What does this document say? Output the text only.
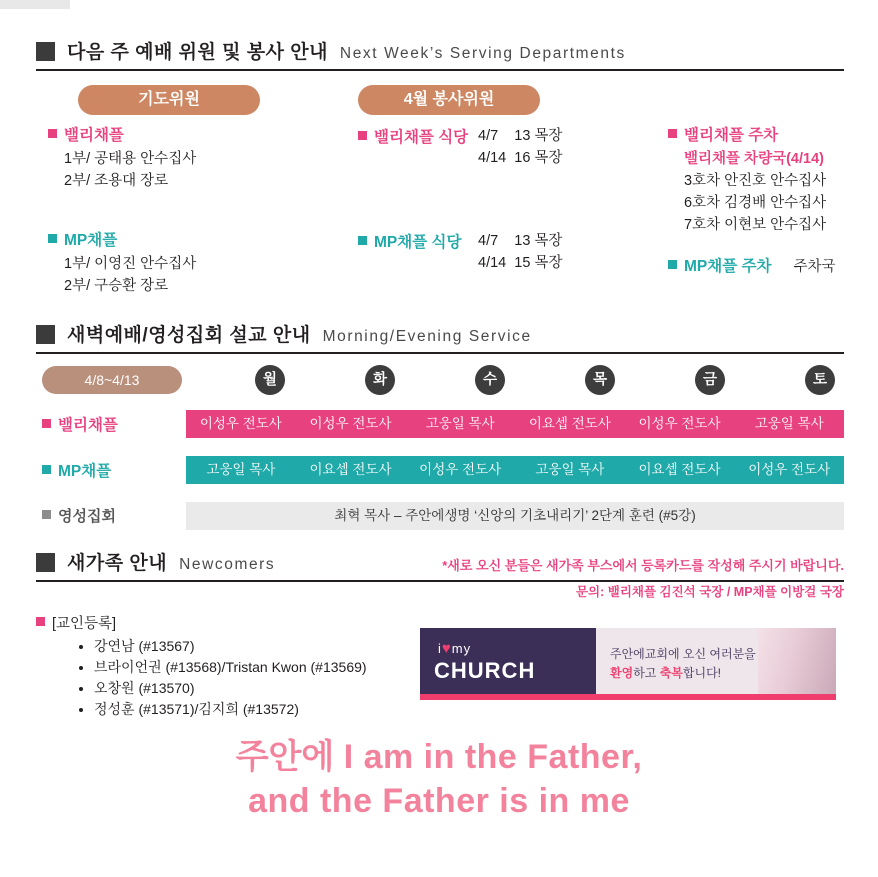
다음 주 예배 위원 및 봉사 안내 Next Week’s Serving Departments
기도위원	4월 봉사위원
밸리채플
1부/ 공태용 안수집사
2부/ 조용대 장로
MP채플
1부/ 이영진 안수집사
2부/ 구승환 장로
밸리채플 식당 4/7    13 목장
4/14  16 목장
MP채플 식당	4/7    13 목장
4/14  15 목장
밸리채플 주차
밸리채플 차량국(4/14)
3호차 안진호 안수집사
6호차 김경배 안수집사
7호차 이현보 안수집사
MP채플 주차 주차국
새벽예배/영성집회 설교 안내 Morning/Evening Service
4/8~4/13	월	화	수	목	금	토
밸리채플	이성우 전도사	이성우 전도사	고웅일 목사	이요셉 전도사	이성우 전도사	고웅일 목사
MP채플	고웅일 목사	이요셉 전도사	이성우 전도사	고웅일 목사	이요셉 전도사	이성우 전도사
영성집회	최혁 목사 – 주안에생명 ‘신앙의 기초내리기’ 2단계 훈련 (#5강)
새가족 안내 Newcomers	*새로 오신 분들은 새가족 부스에서 등록카드를 작성해 주시기 바랍니다.
문의: 밸리채플 김진석 국장 / MP채플 이방걸 국장
[교인등록]
• 강연남 (#13567)
• 브라이언권 (#13568)/Tristan Kwon (#13569)
• 오창원 (#13570)
• 정성훈 (#13571)/김지희 (#13572)
i♥my
CHURCH
주안에교회에 오신 여러분을
환영하고 축복합니다!
주안에 I am in the Father,
and the Father is in me
